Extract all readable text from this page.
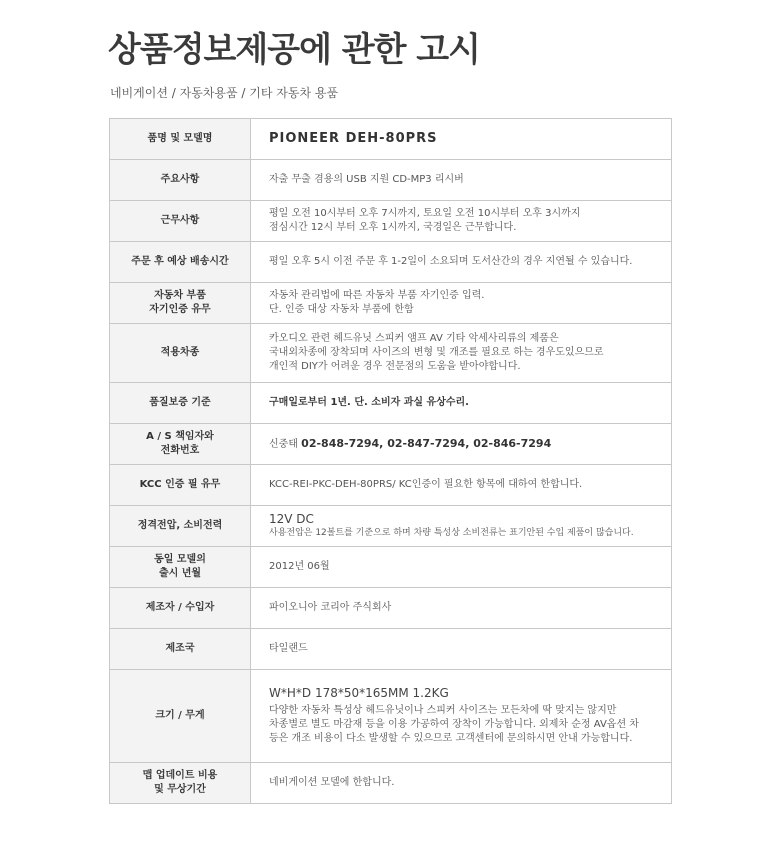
상품정보제공에 관한 고시
네비게이션 / 자동차용품 / 기타 자동차 용품
품명 및 모델명	PIONEER DEH-80PRS

주요사항	자출 무출 겸용의 USB 지원 CD-MP3 리시버

근무사항	평일 오전 10시부터 오후 7시까지, 토요일 오전 10시부터 오후 3시까지
점심시간 12시 부터 오후 1시까지, 국경일은 근무합니다.

주문 후 예상 배송시간	평일 오후 5시 이전 주문 후 1-2일이 소요되며 도서산간의 경우 지연될 수 있습니다.

자동차 부품
자기인증 유무	자동차 관리법에 따른 자동차 부품 자기인증 입력.
단. 인증 대상 자동차 부품에 한함

적용차종	카오디오 관련 헤드유닛 스피커 앰프 AV 기타 악세사리류의 제품은
국내외차종에 장착되며 사이즈의 변형 및 개조를 필요로 하는 경우도있으므로
개인적 DIY가 어려운 경우 전문점의 도움을 받아야합니다.

품질보증 기준	구매일로부터 1년. 단. 소비자 과실 유상수리.

A / S 책임자와
전화번호	신중태 02-848-7294, 02-847-7294, 02-846-7294

KCC 인증 필 유무	KCC-REI-PKC-DEH-80PRS/ KC인증이 필요한 항목에 대하여 한합니다.

정격전압, 소비전력	12V DC
사용전압은 12볼트를 기준으로 하며 차량 특성상 소비전류는 표기안된 수입 제품이 많습니다.

동일 모델의
출시 년월	2012년 06월

제조자 / 수입자	파이오니아 코리아 주식회사

제조국	타일랜드

크기 / 무게	W*H*D 178*50*165MM 1.2KG
다양한 자동차 특성상 헤드유닛이나 스피커 사이즈는 모든차에 딱 맞지는 않지만
차종별로 별도 마감재 등을 이용 가공하여 장착이 가능합니다. 외제차 순정 AV옵션 차
등은 개조 비용이 다소 발생할 수 있으므로 고객센터에 문의하시면 안내 가능합니다.

맵 업데이트 비용
및 무상기간	네비게이션 모델에 한합니다.
